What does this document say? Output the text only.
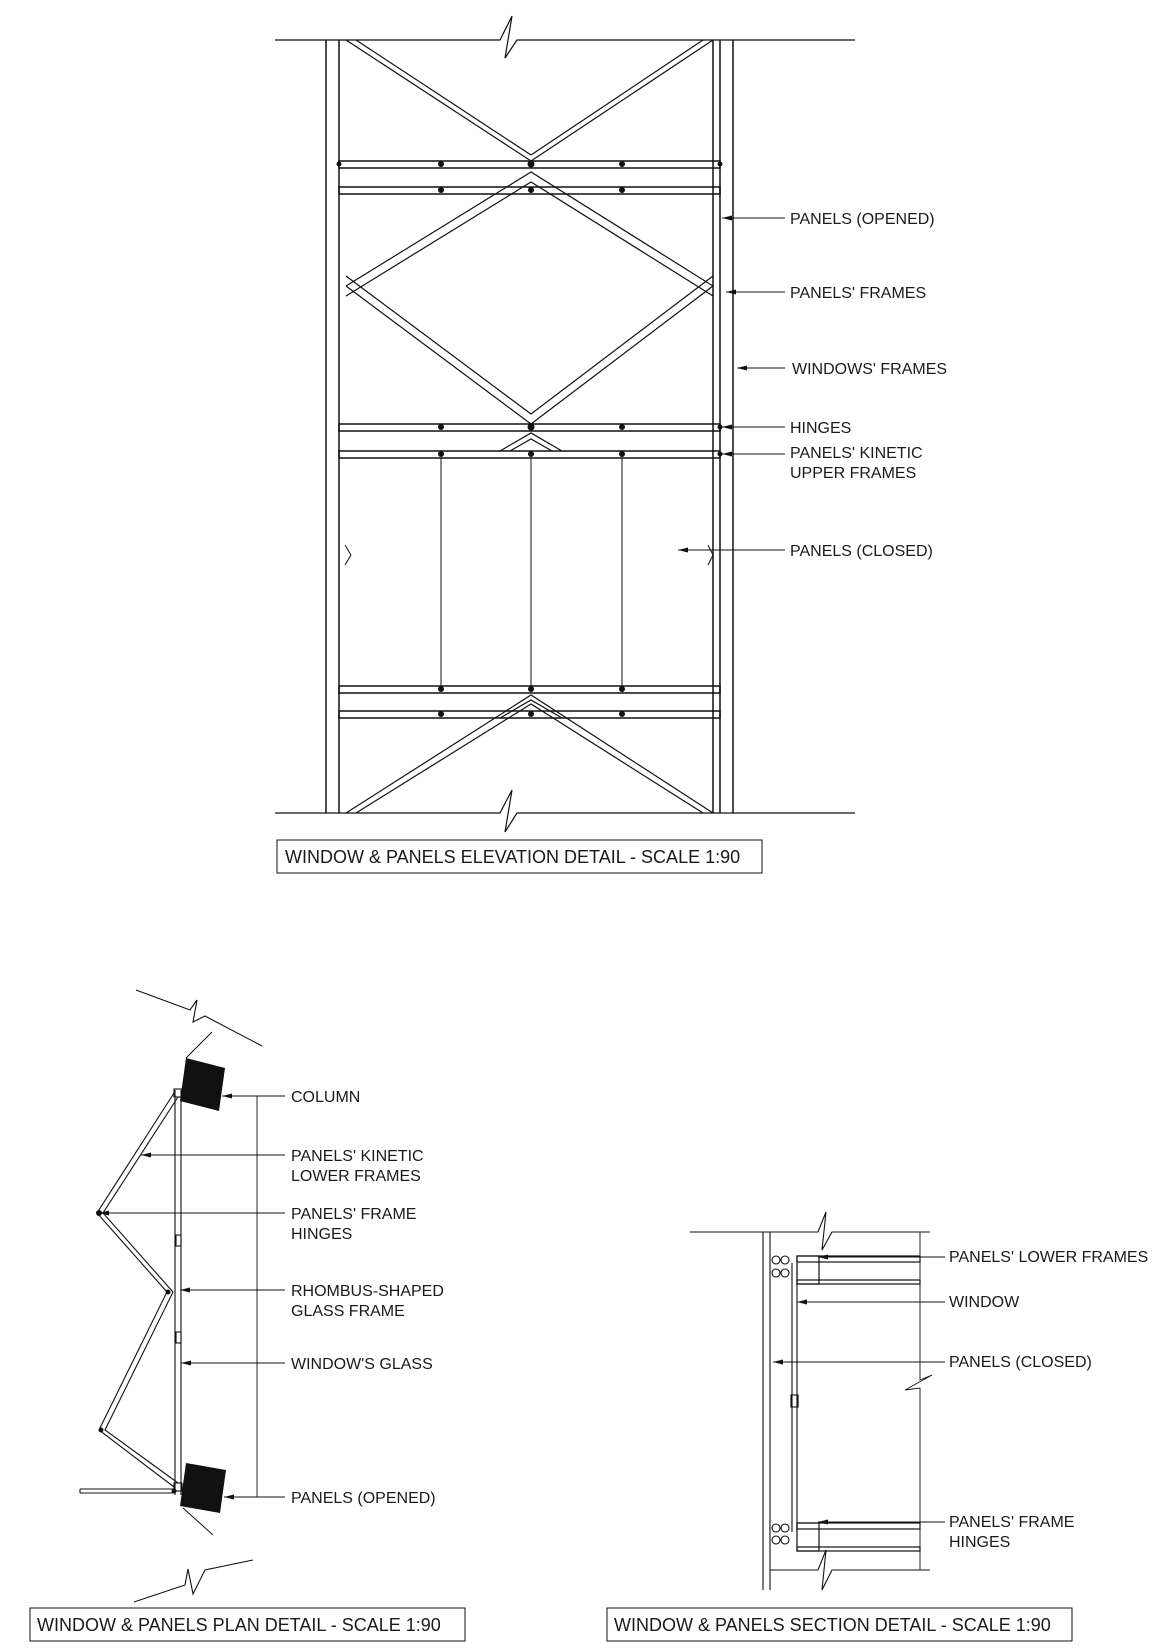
PANELS (OPENED)
PANELS' FRAMES
WINDOWS' FRAMES
HINGES
PANELS' KINETIC
UPPER FRAMES
PANELS (CLOSED)
WINDOW & PANELS ELEVATION DETAIL - SCALE 1:90
COLUMN
PANELS' KINETIC
LOWER FRAMES
PANELS' FRAME
HINGES
RHOMBUS-SHAPED
GLASS FRAME
WINDOW'S GLASS
PANELS (OPENED)
WINDOW & PANELS PLAN DETAIL - SCALE 1:90
PANELS' LOWER FRAMES
WINDOW
PANELS (CLOSED)
PANELS' FRAME
HINGES
WINDOW & PANELS SECTION DETAIL - SCALE 1:90
